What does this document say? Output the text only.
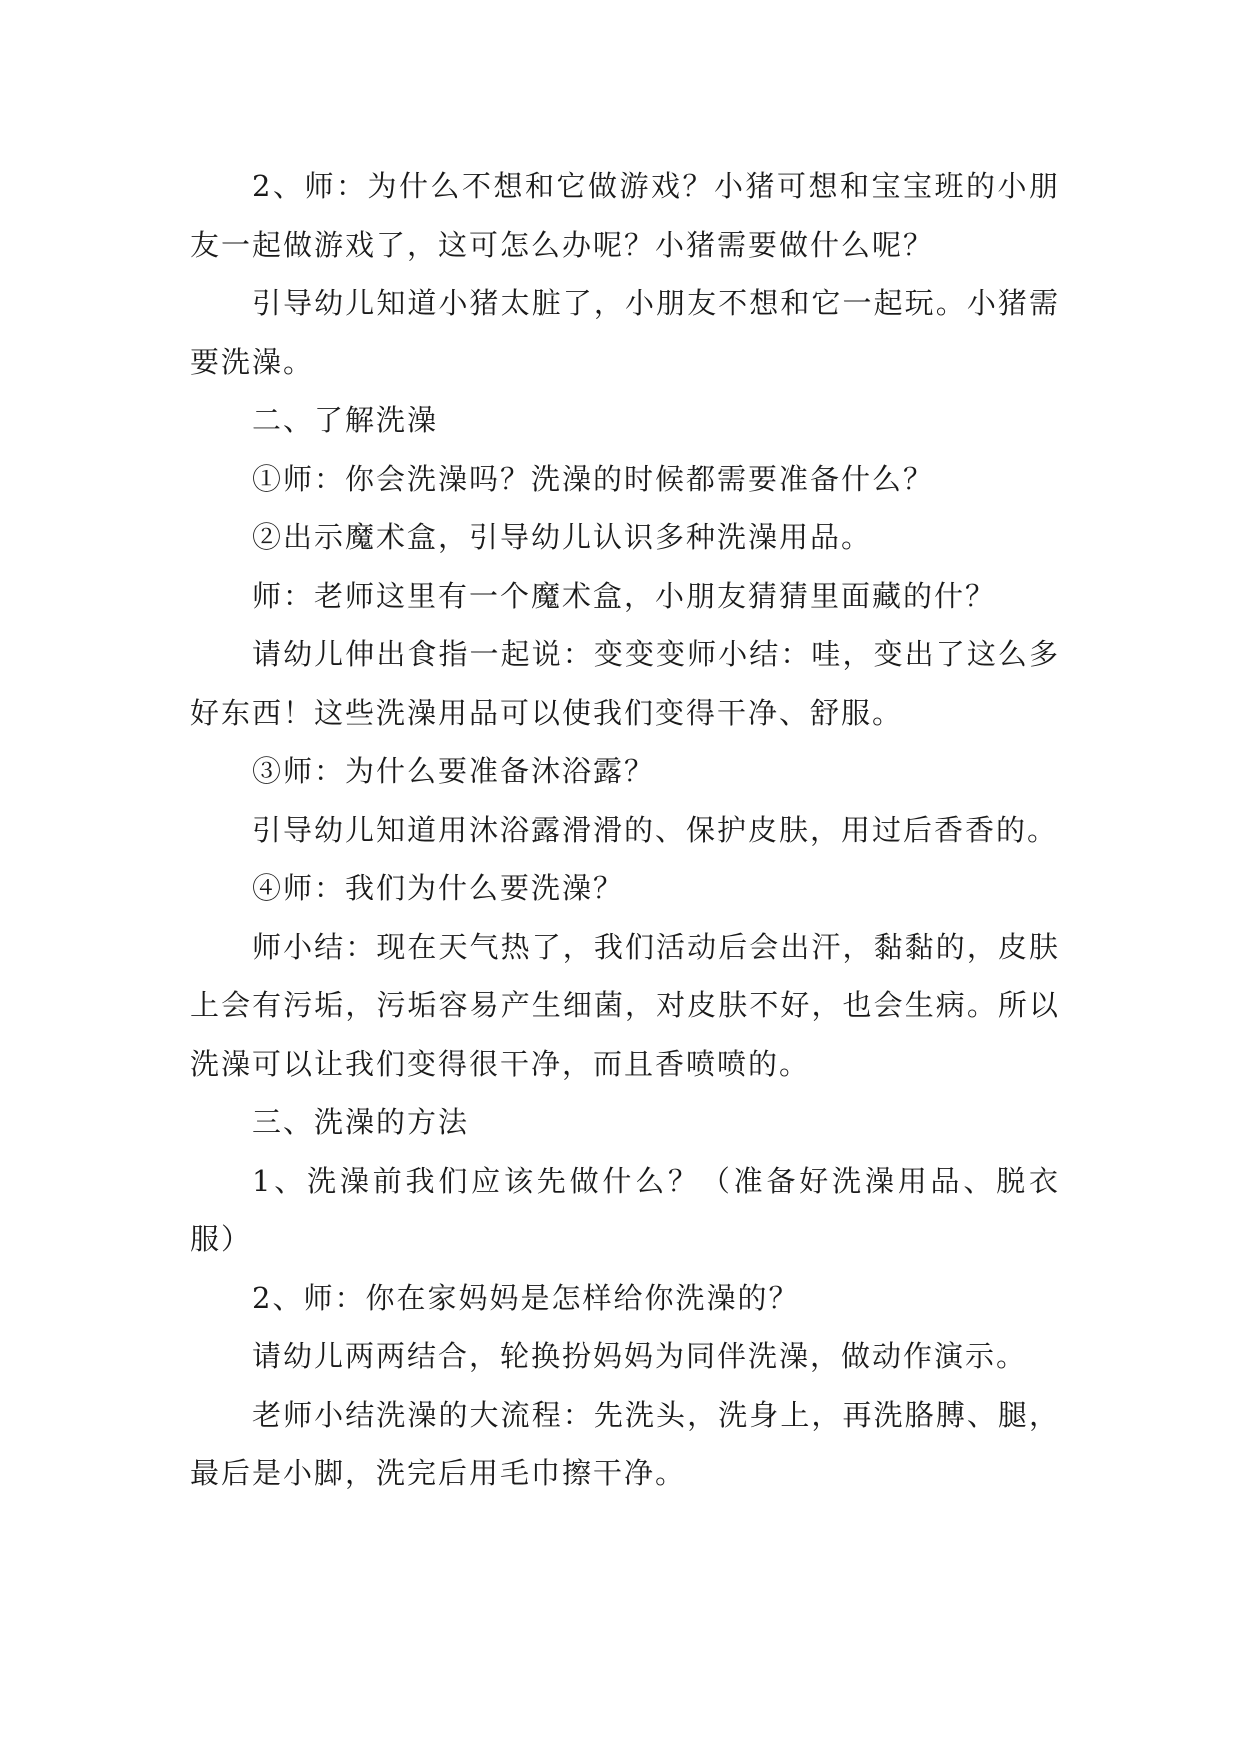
2、师：为什么不想和它做游戏？小猪可想和宝宝班的小朋友一起做游戏了，这可怎么办呢？小猪需要做什么呢？

引导幼儿知道小猪太脏了，小朋友不想和它一起玩。小猪需要洗澡。

二、了解洗澡

①师：你会洗澡吗？洗澡的时候都需要准备什么？

②出示魔术盒，引导幼儿认识多种洗澡用品。

师：老师这里有一个魔术盒，小朋友猜猜里面藏的什？

请幼儿伸出食指一起说：变变变师小结：哇，变出了这么多好东西！这些洗澡用品可以使我们变得干净、舒服。

③师：为什么要准备沐浴露？

引导幼儿知道用沐浴露滑滑的、保护皮肤，用过后香香的。

④师：我们为什么要洗澡？

师小结：现在天气热了，我们活动后会出汗，黏黏的，皮肤上会有污垢，污垢容易产生细菌，对皮肤不好，也会生病。所以洗澡可以让我们变得很干净，而且香喷喷的。

三、洗澡的方法

1、洗澡前我们应该先做什么？（准备好洗澡用品、脱衣服）

2、师：你在家妈妈是怎样给你洗澡的？

请幼儿两两结合，轮换扮妈妈为同伴洗澡，做动作演示。

老师小结洗澡的大流程：先洗头，洗身上，再洗胳膊、腿，最后是小脚，洗完后用毛巾擦干净。
